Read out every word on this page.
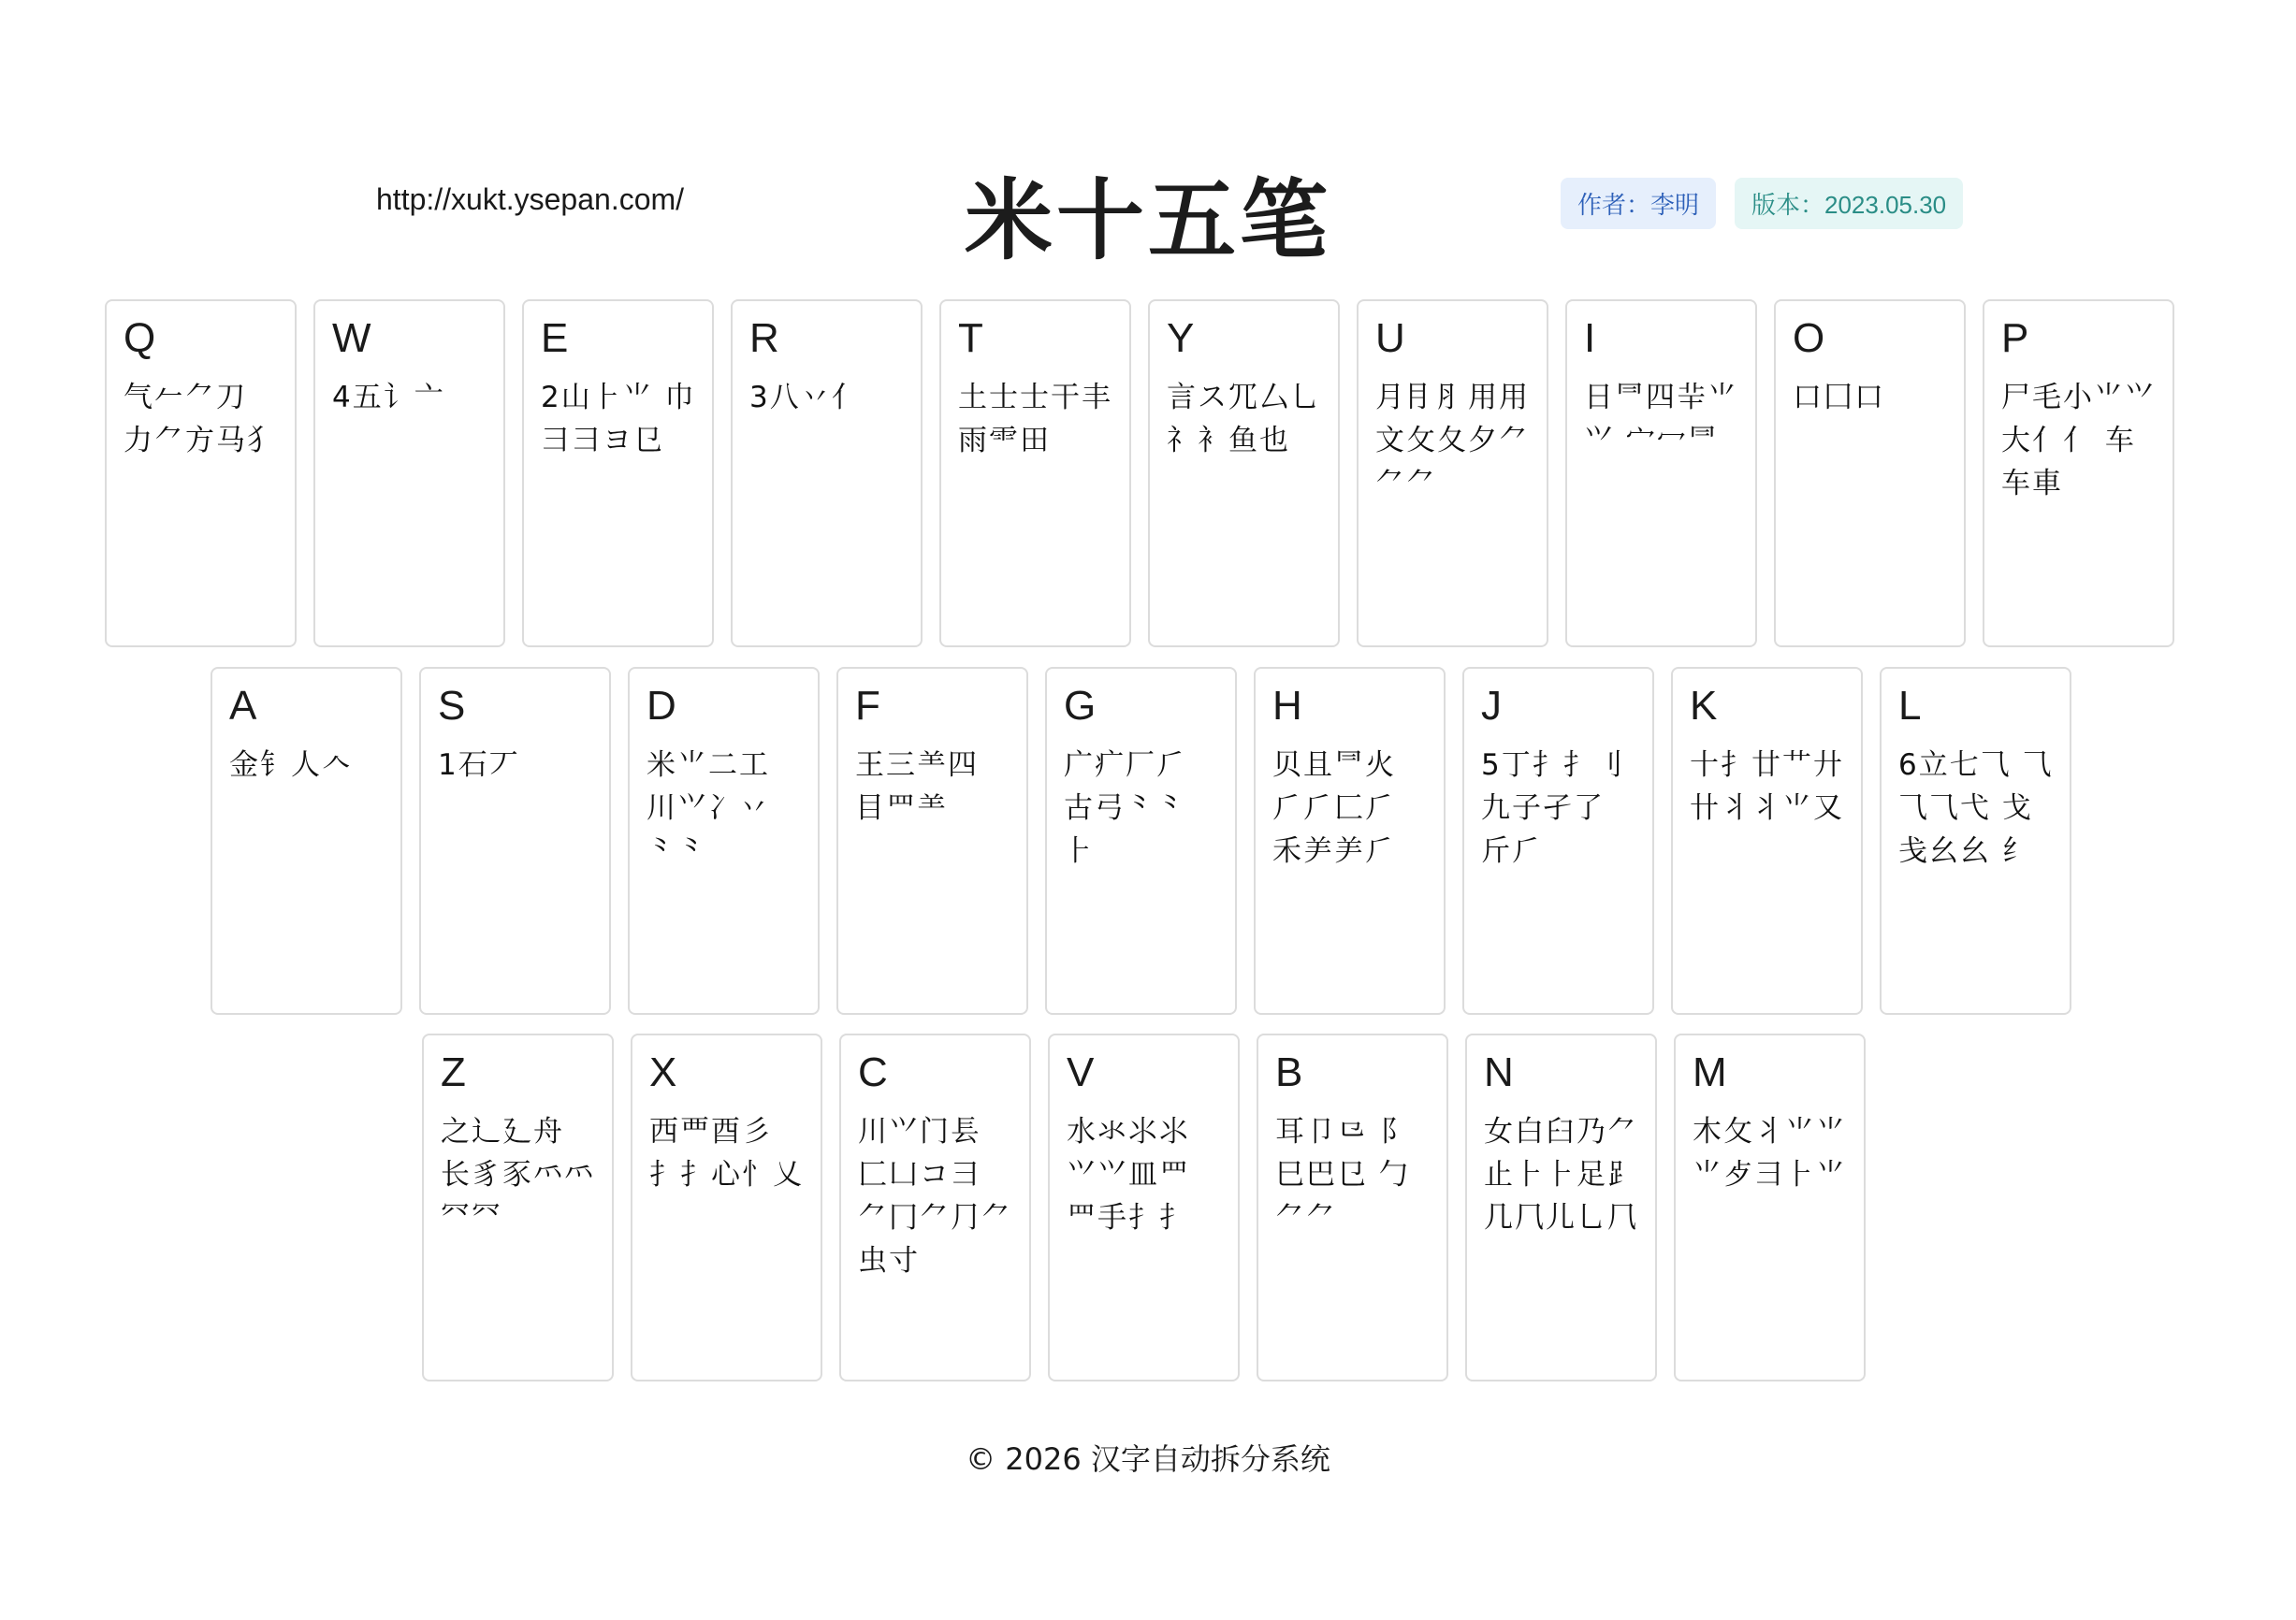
http://xukt.ysepan.com/	米十五笔	作者：李明	版本：2023.05.30
Q
气𠂉⺈刀 力⺈方马犭
W
4五讠亠
E
2山⺊⺌ 巾彐⺕ヨ㔾
R
3八丷亻
T
土士士干丰 雨⻗田
Y
言ス⺴厶乚 礻衤鱼也
U
月⺝⺼用⽤ 文⺙夂夕⺈ ⺈⺈
I
日⺜四⺸⺌⺍ 宀冖⺜
O
口⼞口
P
尸毛小⺌⺍ 大⺅亻 车⻋車
A
金钅人𠆢
S
1石丆
D
米⺌二工 川⺍冫丷 ⺀⺀
F
王三⺷四 目⺲⺷
G
广疒厂⺁ 古弓⺀⺀ ⺊
H
贝且⺜火 ⺁⺁匚⺁ 禾⺶⺶⺁
J
5丁扌⺘刂 九子孑了 斤⺁
K
十⺘廿⺾廾 卄丬⺦⺌又
L
6立七⺄ ⺄⺄⺄弋 戈戋幺⺓ 纟
Z
之辶廴舟 长豸豕⺤⺤ ⺳⺳
X
西覀酉彡 ⺘⺘心忄乂
C
川⺍门镸 匚凵コ⺕ ⺈冂⺈⺆⺈ 虫寸
V
水氺⺢⺢ ⺍⺍皿⺲ ⺲手⺘⺘
B
耳卩⺋⻏ 巳巴㔾 勹⺈⺈
N
女白臼乃⺈ 止⺊⺊足⻊ 几⺇儿⺃⺇
M
木⺙⺦⺌⺌ ⺌⺞⺕⺊⺌
© 2026 汉字自动拆分系统
